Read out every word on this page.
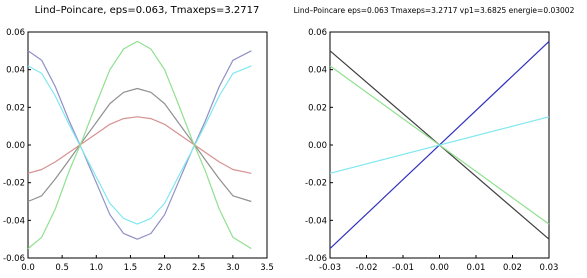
Lind–Poincare, eps=0.063, Tmaxeps=3.2717
0.0 0.5 1.0 1.5 2.0 2.5 3.0 3.5
0.06
0.04
0.02
0.00
-0.02
-0.04
-0.06
Lind–Poincare eps=0.063 Tmaxeps=3.2717 vp1=3.6825 energie=0.03002
-0.03 -0.02 -0.01 0.00 0.01 0.02 0.03
0.06
0.04
0.02
0.00
-0.02
-0.04
-0.06
